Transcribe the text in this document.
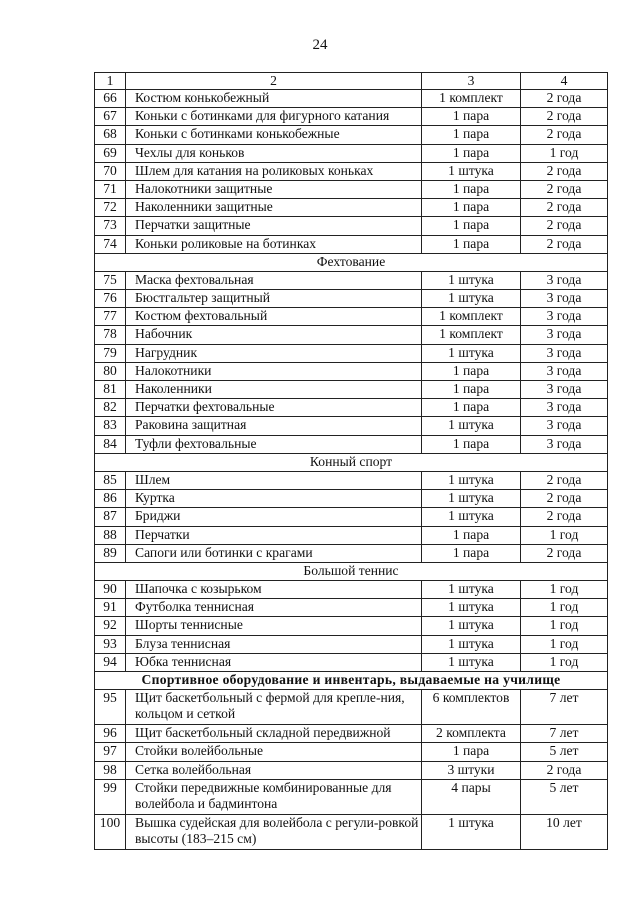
24
1	2	3	4
66	Костюм конькобежный	1 комплект	2 года
67	Коньки с ботинками для фигурного катания	1 пара	2 года
68	Коньки с ботинками конькобежные	1 пара	2 года
69	Чехлы для коньков	1 пара	1 год
70	Шлем для катания на роликовых коньках	1 штука	2 года
71	Налокотники защитные	1 пара	2 года
72	Наколенники защитные	1 пара	2 года
73	Перчатки защитные	1 пара	2 года
74	Коньки роликовые на ботинках	1 пара	2 года
Фехтование			
75	Маска фехтовальная	1 штука	3 года
76	Бюстгальтер защитный	1 штука	3 года
77	Костюм фехтовальный	1 комплект	3 года
78	Набочник	1 комплект	3 года
79	Нагрудник	1 штука	3 года
80	Налокотники	1 пара	3 года
81	Наколенники	1 пара	3 года
82	Перчатки фехтовальные	1 пара	3 года
83	Раковина защитная	1 штука	3 года
84	Туфли фехтовальные	1 пара	3 года
Конный спорт			
85	Шлем	1 штука	2 года
86	Куртка	1 штука	2 года
87	Бриджи	1 штука	2 года
88	Перчатки	1 пара	1 год
89	Сапоги или ботинки с крагами	1 пара	2 года
Большой теннис			
90	Шапочка с козырьком	1 штука	1 год
91	Футболка теннисная	1 штука	1 год
92	Шорты теннисные	1 штука	1 год
93	Блуза теннисная	1 штука	1 год
94	Юбка теннисная	1 штука	1 год
Спортивное оборудование и инвентарь, выдаваемые на училище			
95	Щит баскетбольный с фермой для крепле-ния, кольцом и сеткой	6 комплектов	7 лет
96	Щит баскетбольный складной передвижной	2 комплекта	7 лет
97	Стойки волейбольные	1 пара	5 лет
98	Сетка волейбольная	3 штуки	2 года
99	Стойки передвижные комбинированные для волейбола и бадминтона	4 пары	5 лет
100	Вышка судейская для волейбола с регули-ровкой высоты (183–215 см)	1 штука	10 лет
